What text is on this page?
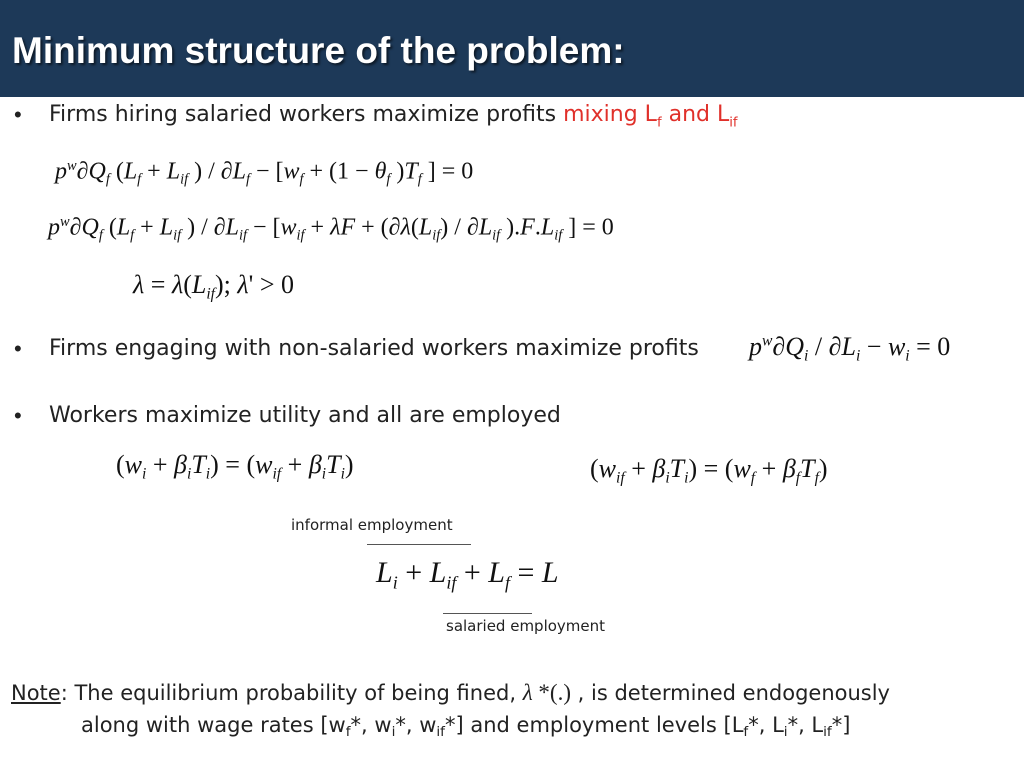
Minimum structure of the problem:
• Firms hiring salaried workers maximize profits mixing $L_f$ and $L_{if}$
$p^w\partial Q_f$ ($L_f + L_{if}$ ) / $\partial L_f - [w_f + (1 - \theta_f$ )$T_f$ ] = 0
$p^w\partial Q_f$ ($L_f + L_{if}$ ) / $\partial L_{if} - [w_{if} + \lambda F + (\partial\lambda(L_{if}) / \partial L_{if}$ )$.F.L_{if}$ ] = 0
$\lambda = \lambda(L_{if})$; λ' > 0
• Firms engaging with non-salaried workers maximize profits $p^w\partial Q_i / \partial L_i - w_i = 0$
• Workers maximize utility and all are employed
$(w_i + \beta_iT_i) = (w_{if} + \beta_iT_i)$	$(w_{if} + \beta_iT_i) = (w_f + \beta_fT_f)$
informal employment
$L_i + L_{if} + L_f = L$
salaried employment
Note: The equilibrium probability of being fined, λ *(.) , is determined endogenously
along with wage rates [$w_f*$, $w_i*$, $w_{if}*$] and employment levels [$L_f*$, $L_i*$, $L_{if}*$]
